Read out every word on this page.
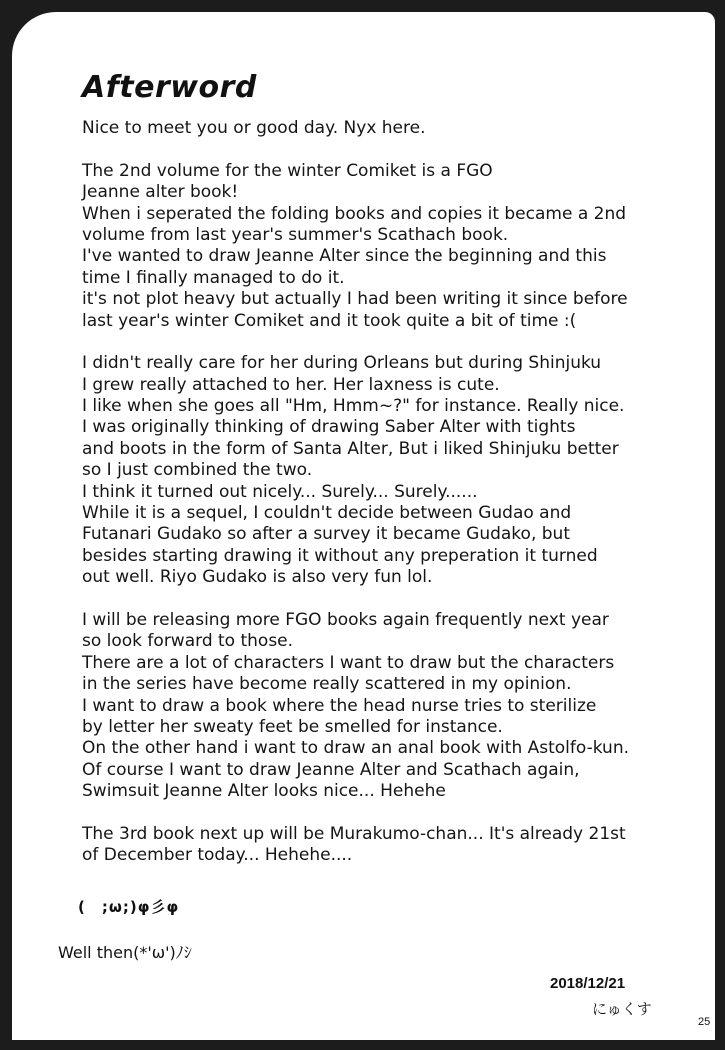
Afterword
Nice to meet you or good day. Nyx here.
The 2nd volume for the winter Comiket is a FGO
Jeanne alter book!
When i seperated the folding books and copies it became a 2nd
volume from last year's summer's Scathach book.
I've wanted to draw Jeanne Alter since the beginning and this
time I finally managed to do it.
it's not plot heavy but actually I had been writing it since before
last year's winter Comiket and it took quite a bit of time :(
I didn't really care for her during Orleans but during Shinjuku
I grew really attached to her. Her laxness is cute.
I like when she goes all "Hm, Hmm~?" for instance. Really nice.
I was originally thinking of drawing Saber Alter with tights
and boots in the form of Santa Alter, But i liked Shinjuku better
so I just combined the two.
I think it turned out nicely... Surely... Surely......
While it is a sequel, I couldn't decide between Gudao and
Futanari Gudako so after a survey it became Gudako, but
besides starting drawing it without any preperation it turned
out well. Riyo Gudako is also very fun lol.
I will be releasing more FGO books again frequently next year
so look forward to those.
There are a lot of characters I want to draw but the characters
in the series have become really scattered in my opinion.
I want to draw a book where the head nurse tries to sterilize
by letter her sweaty feet be smelled for instance.
On the other hand i want to draw an anal book with Astolfo-kun.
Of course I want to draw Jeanne Alter and Scathach again,
Swimsuit Jeanne Alter looks nice... Hehehe
The 3rd book next up will be Murakumo-chan... It's already 21st
of December today... Hehehe....
(　;ω;)φ彡φ
Well then(*'ω')ﾉｼ
2018/12/21
にゅくす
25
